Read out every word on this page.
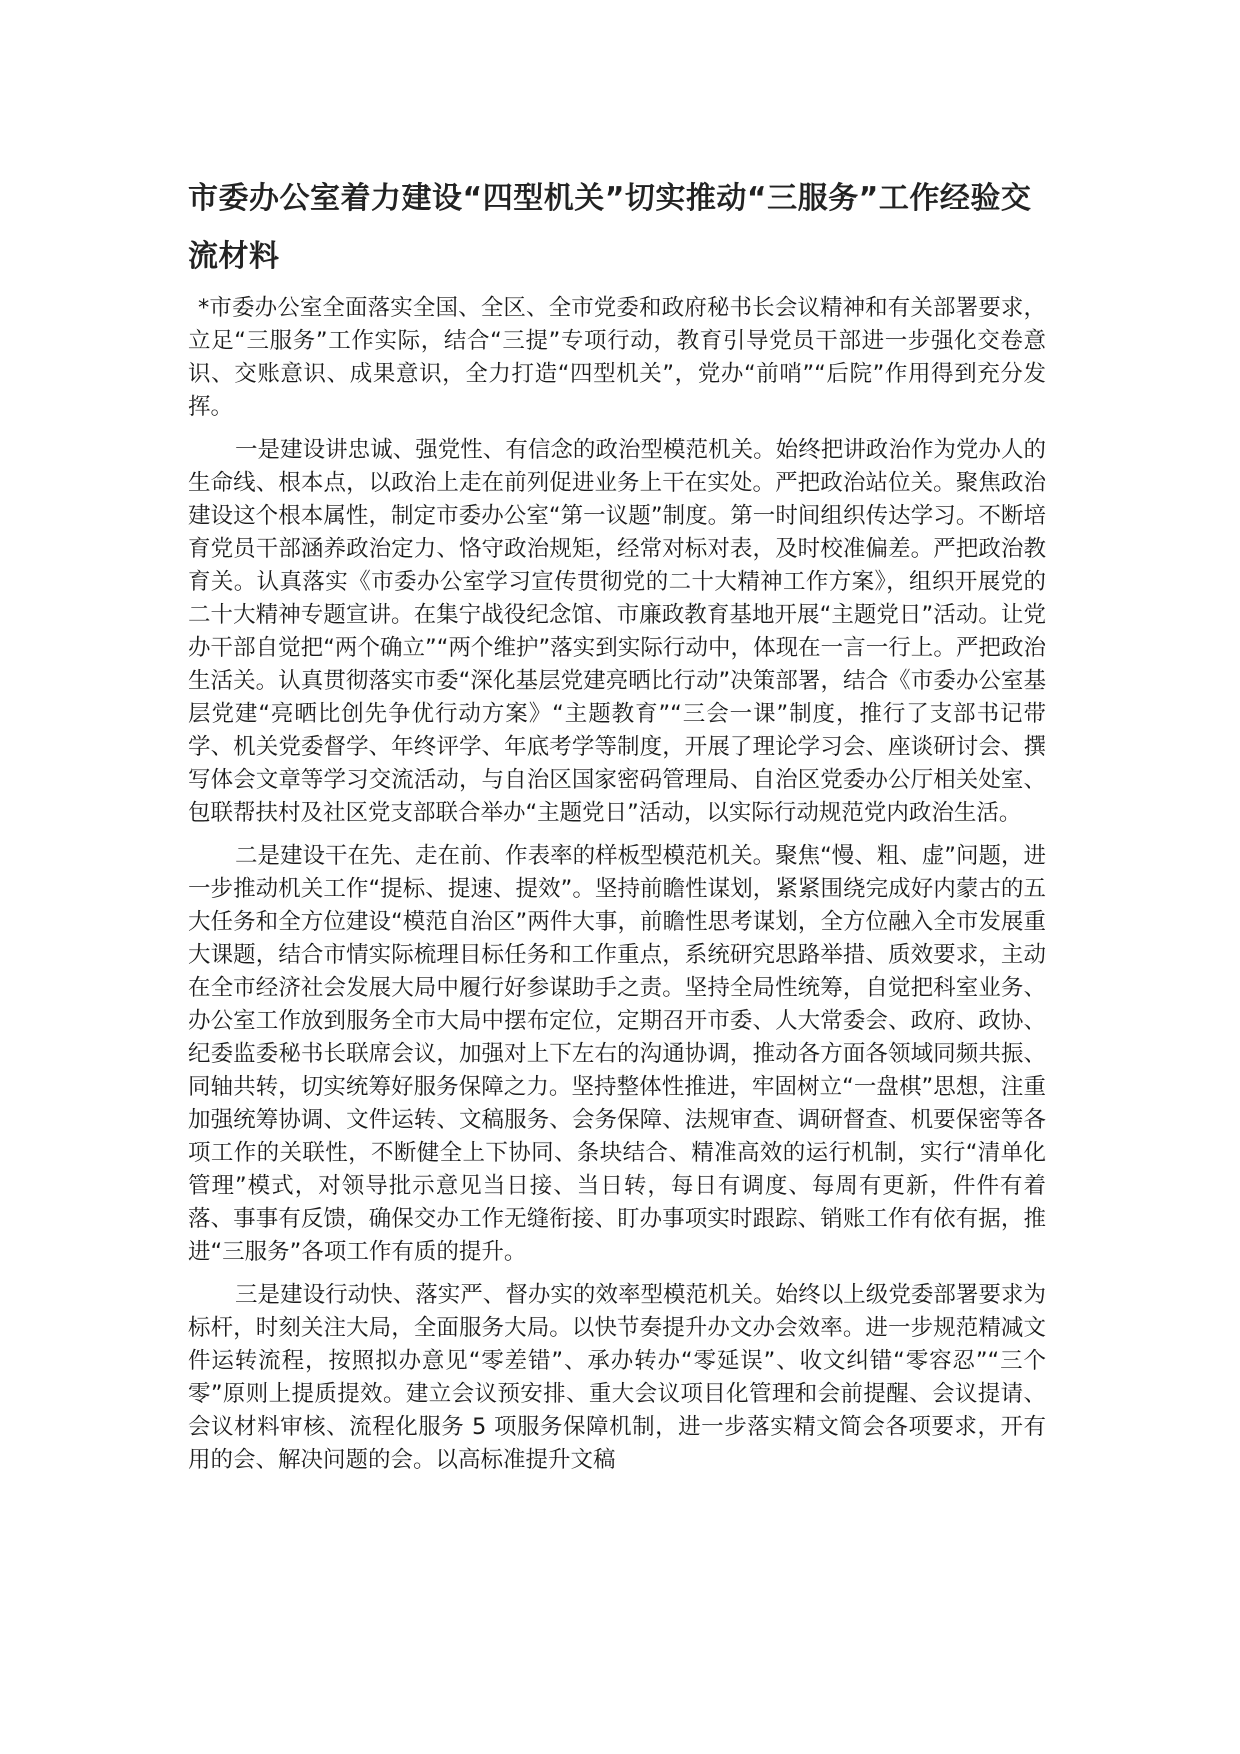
市委办公室着力建设“四型机关”切实推动“三服务”工作经验交流材料

*市委办公室全面落实全国、全区、全市党委和政府秘书长会议精神和有关部署要求，立足“三服务”工作实际，结合“三提”专项行动，教育引导党员干部进一步强化交卷意识、交账意识、成果意识，全力打造“四型机关”，党办“前哨”“后院”作用得到充分发挥。

一是建设讲忠诚、强党性、有信念的政治型模范机关。始终把讲政治作为党办人的生命线、根本点，以政治上走在前列促进业务上干在实处。严把政治站位关。聚焦政治建设这个根本属性，制定市委办公室“第一议题”制度。第一时间组织传达学习。不断培育党员干部涵养政治定力、恪守政治规矩，经常对标对表，及时校准偏差。严把政治教育关。认真落实《市委办公室学习宣传贯彻党的二十大精神工作方案》，组织开展党的二十大精神专题宣讲。在集宁战役纪念馆、市廉政教育基地开展“主题党日”活动。让党办干部自觉把“两个确立”“两个维护”落实到实际行动中，体现在一言一行上。严把政治生活关。认真贯彻落实市委“深化基层党建亮晒比行动”决策部署，结合《市委办公室基层党建“亮晒比创先争优行动方案》“主题教育”“三会一课”制度，推行了支部书记带学、机关党委督学、年终评学、年底考学等制度，开展了理论学习会、座谈研讨会、撰写体会文章等学习交流活动，与自治区国家密码管理局、自治区党委办公厅相关处室、包联帮扶村及社区党支部联合举办“主题党日”活动，以实际行动规范党内政治生活。

二是建设干在先、走在前、作表率的样板型模范机关。聚焦“慢、粗、虚”问题，进一步推动机关工作“提标、提速、提效”。坚持前瞻性谋划，紧紧围绕完成好内蒙古的五大任务和全方位建设“模范自治区”两件大事，前瞻性思考谋划，全方位融入全市发展重大课题，结合市情实际梳理目标任务和工作重点，系统研究思路举措、质效要求，主动在全市经济社会发展大局中履行好参谋助手之责。坚持全局性统筹，自觉把科室业务、办公室工作放到服务全市大局中摆布定位，定期召开市委、人大常委会、政府、政协、纪委监委秘书长联席会议，加强对上下左右的沟通协调，推动各方面各领域同频共振、同轴共转，切实统筹好服务保障之力。坚持整体性推进，牢固树立“一盘棋”思想，注重加强统筹协调、文件运转、文稿服务、会务保障、法规审查、调研督查、机要保密等各项工作的关联性，不断健全上下协同、条块结合、精准高效的运行机制，实行“清单化管理”模式，对领导批示意见当日接、当日转，每日有调度、每周有更新，件件有着落、事事有反馈，确保交办工作无缝衔接、盯办事项实时跟踪、销账工作有依有据，推进“三服务”各项工作有质的提升。

三是建设行动快、落实严、督办实的效率型模范机关。始终以上级党委部署要求为标杆，时刻关注大局，全面服务大局。以快节奏提升办文办会效率。进一步规范精减文件运转流程，按照拟办意见“零差错”、承办转办“零延误”、收文纠错“零容忍”“三个零”原则上提质提效。建立会议预安排、重大会议项目化管理和会前提醒、会议提请、会议材料审核、流程化服务 5 项服务保障机制，进一步落实精文简会各项要求，开有用的会、解决问题的会。以高标准提升文稿
